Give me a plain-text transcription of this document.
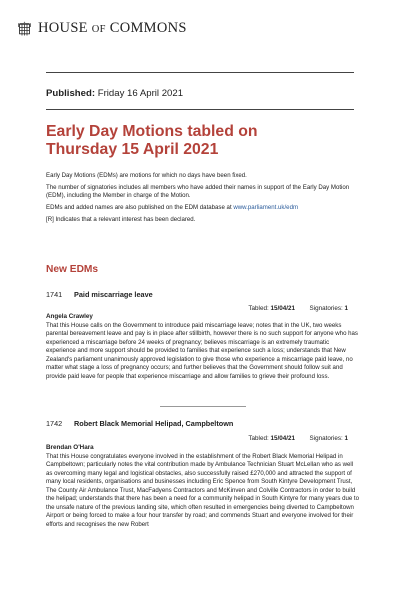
HOUSE OF COMMONS
Published: Friday 16 April 2021
Early Day Motions tabled on
Thursday 15 April 2021

Early Day Motions (EDMs) are motions for which no days have been fixed.

The number of signatories includes all members who have added their names in support of the Early Day Motion (EDM), including the Member in charge of the Motion.

EDMs and added names are also published on the EDM database at www.parliament.uk/edm

[R] Indicates that a relevant interest has been declared.

New EDMs
1741 Paid miscarriage leave
Tabled: 15/04/21 Signatories: 1
Angela Crawley

That this House calls on the Government to introduce paid miscarriage leave; notes that in the UK, two weeks parental bereavement leave and pay is in place after stillbirth, however there is no such support for anyone who has experienced a miscarriage before 24 weeks of pregnancy; believes miscarriage is an extremely traumatic experience and more support should be provided to families that experience such a loss; understands that New Zealand's parliament unanimously approved legislation to give those who experience a miscarriage paid leave, no matter what stage a loss of pregnancy occurs; and further believes that the Government should follow suit and provide paid leave for people that experience miscarriage and allow families to grieve their profound loss.

1742 Robert Black Memorial Helipad, Campbeltown
Tabled: 15/04/21 Signatories: 1
Brendan O'Hara

That this House congratulates everyone involved in the establishment of the Robert Black Memorial Helipad in Campbeltown; particularly notes the vital contribution made by Ambulance Technician Stuart McLellan who as well as overcoming many legal and logistical obstacles, also successfully raised £270,000 and attracted the support of many local residents, organisations and businesses including Eric Spence from South Kintyre Development Trust, The County Air Ambulance Trust, MacFadyens Contractors and McKinven and Colville Contractors in order to build the helipad; understands that there has been a need for a community helipad in South Kintyre for many years due to the unsafe nature of the previous landing site, which often resulted in emergencies being diverted to Campbeltown Airport or being forced to make a four hour transfer by road; and commends Stuart and everyone involved for their efforts and recognises the new Robert
